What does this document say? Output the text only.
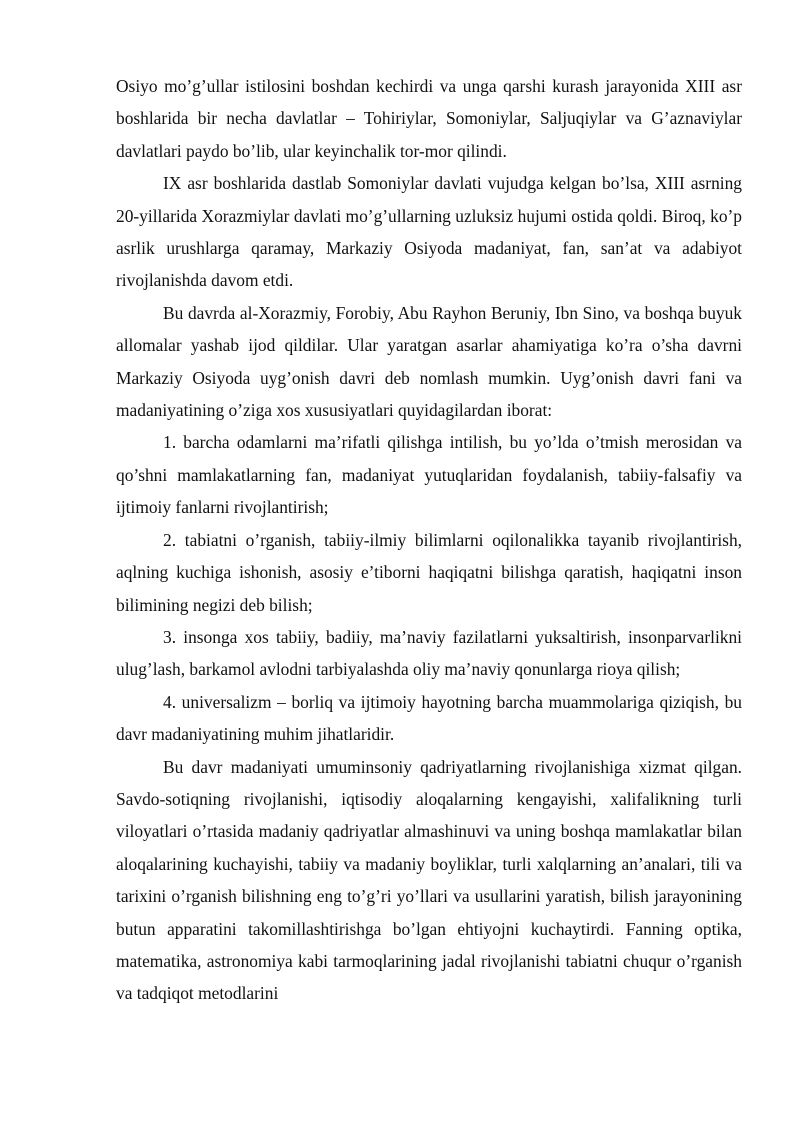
Osiyo mo’g’ullar istilosini boshdan kechirdi va unga qarshi kurash jarayonida XIII asr boshlarida bir necha davlatlar – Tohiriylar, Somoniylar, Saljuqiylar va G’aznaviylar davlatlari paydo bo’lib, ular keyinchalik tor-mor qilindi.

IX asr boshlarida dastlab Somoniylar davlati vujudga kelgan bo’lsa, XIII asrning 20-yillarida Xorazmiylar davlati mo’g’ullarning uzluksiz hujumi ostida qoldi. Biroq, ko’p asrlik urushlarga qaramay, Markaziy Osiyoda madaniyat, fan, san’at va adabiyot rivojlanishda davom etdi.

Bu davrda al-Xorazmiy, Forobiy, Abu Rayhon Beruniy, Ibn Sino, va boshqa buyuk allomalar yashab ijod qildilar. Ular yaratgan asarlar ahamiyatiga ko’ra o’sha davrni Markaziy Osiyoda uyg’onish davri deb nomlash mumkin. Uyg’onish davri fani va madaniyatining o’ziga xos xususiyatlari quyidagilardan iborat:

1. barcha odamlarni ma’rifatli qilishga intilish, bu yo’lda o’tmish merosidan va qo’shni mamlakatlarning fan, madaniyat yutuqlaridan foydalanish, tabiiy-falsafiy va ijtimoiy fanlarni rivojlantirish;

2. tabiatni o’rganish, tabiiy-ilmiy bilimlarni oqilonalikka tayanib rivojlantirish, aqlning kuchiga ishonish, asosiy e’tiborni haqiqatni bilishga qaratish, haqiqatni inson bilimining negizi deb bilish;

3. insonga xos tabiiy, badiiy, ma’naviy fazilatlarni yuksaltirish, insonparvarlikni ulug’lash, barkamol avlodni tarbiyalashda oliy ma’naviy qonunlarga rioya qilish;

4. universalizm – borliq va ijtimoiy hayotning barcha muammolariga qiziqish, bu davr madaniyatining muhim jihatlaridir.

Bu davr madaniyati umuminsoniy qadriyatlarning rivojlanishiga xizmat qilgan. Savdo-sotiqning rivojlanishi, iqtisodiy aloqalarning kengayishi, xalifalikning turli viloyatlari o’rtasida madaniy qadriyatlar almashinuvi va uning boshqa mamlakatlar bilan aloqalarining kuchayishi, tabiiy va madaniy boyliklar, turli xalqlarning an’analari, tili va tarixini o’rganish bilishning eng to’g’ri yo’llari va usullarini yaratish, bilish jarayonining butun apparatini takomillashtirishga bo’lgan ehtiyojni kuchaytirdi. Fanning optika, matematika, astronomiya kabi tarmoqlarining jadal rivojlanishi tabiatni chuqur o’rganish va tadqiqot metodlarini
